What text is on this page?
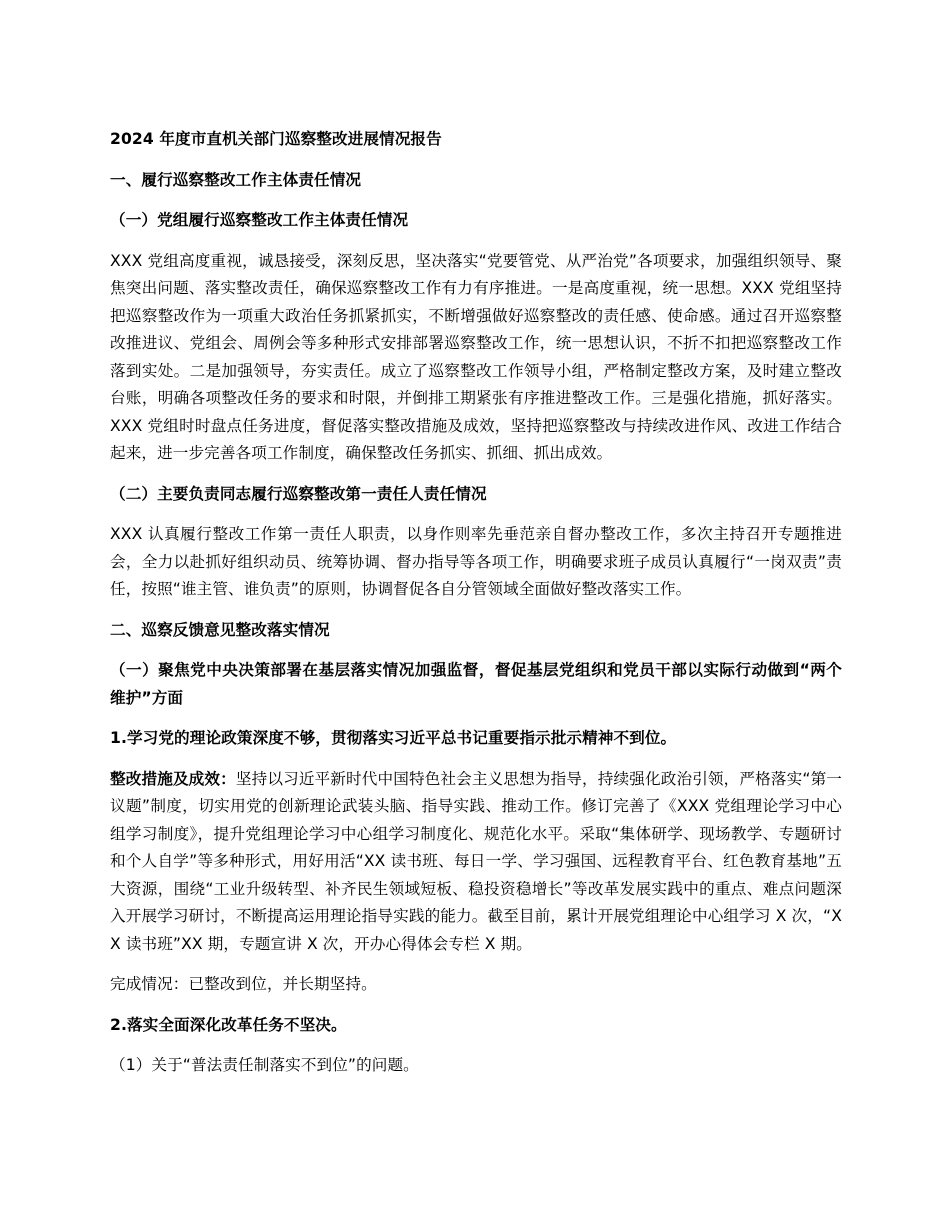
2024 年度市直机关部门巡察整改进展情况报告

一、履行巡察整改工作主体责任情况

（一）党组履行巡察整改工作主体责任情况

XXX 党组高度重视，诚恳接受，深刻反思，坚决落实“党要管党、从严治党”各项要求，加强组织领导、聚焦突出问题、落实整改责任，确保巡察整改工作有力有序推进。一是高度重视，统一思想。XXX 党组坚持把巡察整改作为一项重大政治任务抓紧抓实，不断增强做好巡察整改的责任感、使命感。通过召开巡察整改推进议、党组会、周例会等多种形式安排部署巡察整改工作，统一思想认识，不折不扣把巡察整改工作落到实处。二是加强领导，夯实责任。成立了巡察整改工作领导小组，严格制定整改方案，及时建立整改台账，明确各项整改任务的要求和时限，并倒排工期紧张有序推进整改工作。三是强化措施，抓好落实。XXX 党组时时盘点任务进度，督促落实整改措施及成效，坚持把巡察整改与持续改进作风、改进工作结合起来，进一步完善各项工作制度，确保整改任务抓实、抓细、抓出成效。

（二）主要负责同志履行巡察整改第一责任人责任情况

XXX 认真履行整改工作第一责任人职责，以身作则率先垂范亲自督办整改工作，多次主持召开专题推进会，全力以赴抓好组织动员、统筹协调、督办指导等各项工作，明确要求班子成员认真履行“一岗双责”责任，按照“谁主管、谁负责”的原则，协调督促各自分管领域全面做好整改落实工作。

二、巡察反馈意见整改落实情况

（一）聚焦党中央决策部署在基层落实情况加强监督，督促基层党组织和党员干部以实际行动做到“两个维护”方面

1.学习党的理论政策深度不够，贯彻落实习近平总书记重要指示批示精神不到位。

整改措施及成效：坚持以习近平新时代中国特色社会主义思想为指导，持续强化政治引领，严格落实“第一议题”制度，切实用党的创新理论武装头脑、指导实践、推动工作。修订完善了《XXX 党组理论学习中心组学习制度》，提升党组理论学习中心组学习制度化、规范化水平。采取“集体研学、现场教学、专题研讨和个人自学”等多种形式，用好用活“XX 读书班、每日一学、学习强国、远程教育平台、红色教育基地”五大资源，围绕“工业升级转型、补齐民生领域短板、稳投资稳增长”等改革发展实践中的重点、难点问题深入开展学习研讨，不断提高运用理论指导实践的能力。截至目前，累计开展党组理论中心组学习 X 次，“XX 读书班”XX 期，专题宣讲 X 次，开办心得体会专栏 X 期。

完成情况：已整改到位，并长期坚持。

2.落实全面深化改革任务不坚决。

（1）关于“普法责任制落实不到位”的问题。
